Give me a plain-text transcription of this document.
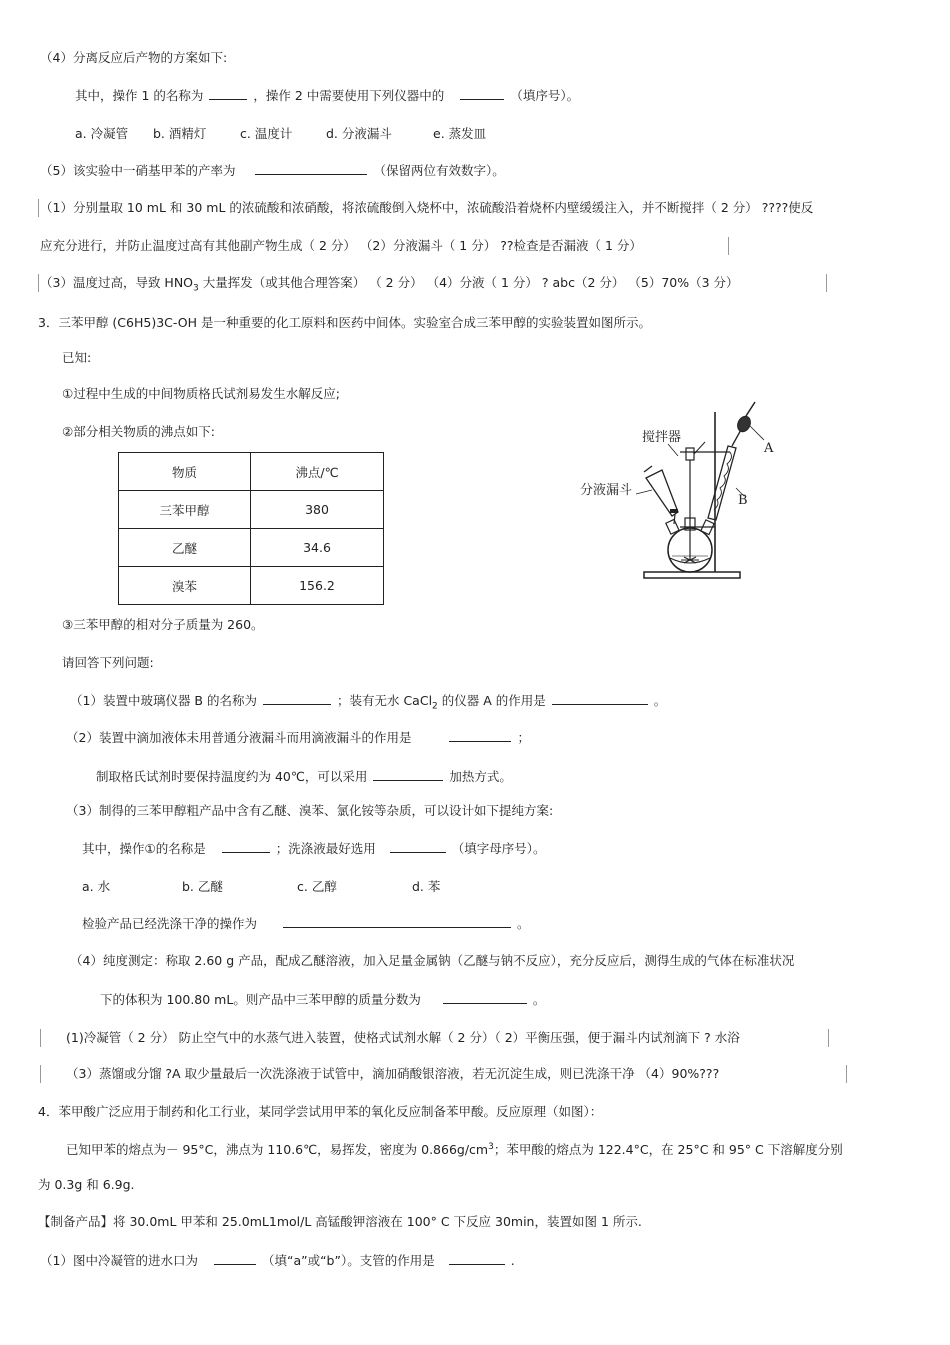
（4）分离反应后产物的方案如下:
其中，操作 1 的名称为	，操作 2 中需要使用下列仪器中的	（填序号）。
a. 冷凝管 b. 酒精灯	c. 温度计	d. 分液漏斗	e. 蒸发皿
（5）该实验中一硝基甲苯的产率为	（保留两位有效数字）。
（1）分别量取 10 mL 和 30 mL 的浓硫酸和浓硝酸，将浓硫酸倒入烧杯中，浓硫酸沿着烧杯内壁缓缓注入，并不断搅拌（ 2 分） ????使反
应充分进行，并防止温度过高有其他副产物生成（ 2 分） （2）分液漏斗（ 1 分） ??检查是否漏液（ 1 分）
（3）温度过高，导致 $HNO_3$ 大量挥发（或其他合理答案） （ 2 分） （4）分液（ 1 分） ? abc（2 分） （5）70%（3 分）
3．三苯甲醇 (C6H5)3C-OH 是一种重要的化工原料和医药中间体。实验室合成三苯甲醇的实验装置如图所示。
已知:
①过程中生成的中间物质格氏试剂易发生水解反应;
②部分相关物质的沸点如下:
物质	沸点/℃
三苯甲醇	380
乙醚	34.6
溴苯	156.2
搅拌器
分液漏斗
A
B
③三苯甲醇的相对分子质量为 260。
请回答下列问题:
（1）装置中玻璃仪器 B 的名称为	；装有无水 CaCl$_2$ 的仪器 A 的作用是	。
（2）装置中滴加液体未用普通分液漏斗而用滴液漏斗的作用是	；
制取格氏试剂时要保持温度约为 40℃，可以采用	加热方式。
（3）制得的三苯甲醇粗产品中含有乙醚、溴苯、氯化铵等杂质，可以设计如下提纯方案:
其中，操作①的名称是	；洗涤液最好选用	（填字母序号）。
a. 水	b. 乙醚	c. 乙醇	d. 苯
检验产品已经洗涤干净的操作为	。
（4）纯度测定：称取 2.60 g 产品，配成乙醚溶液，加入足量金属钠（乙醚与钠不反应），充分反应后，测得生成的气体在标准状况
下的体积为 100.80 mL。则产品中三苯甲醇的质量分数为	。
(1)冷凝管（ 2 分） 防止空气中的水蒸气进入装置，使格式试剂水解（ 2 分）（ 2）平衡压强，便于漏斗内试剂滴下 ? 水浴
（3）蒸馏或分馏 ?A 取少量最后一次洗涤液于试管中，滴加硝酸银溶液，若无沉淀生成，则已洗涤干净 （4）90%???
4．苯甲酸广泛应用于制药和化工行业，某同学尝试用甲苯的氧化反应制备苯甲酸。反应原理（如图）：
已知甲苯的熔点为－ 95°C，沸点为 110.6℃，易挥发，密度为 $0.866g/cm^3$；苯甲酸的熔点为 122.4°C，在 25°C 和 95° C 下溶解度分别
为 0.3g 和 6.9g.
【制备产品】将 30.0mL 甲苯和 25.0mL1mol/L 高锰酸钾溶液在 100° C 下反应 30min，装置如图 1 所示.
（1）图中冷凝管的进水口为	（填“a”或“b”）。支管的作用是	.
